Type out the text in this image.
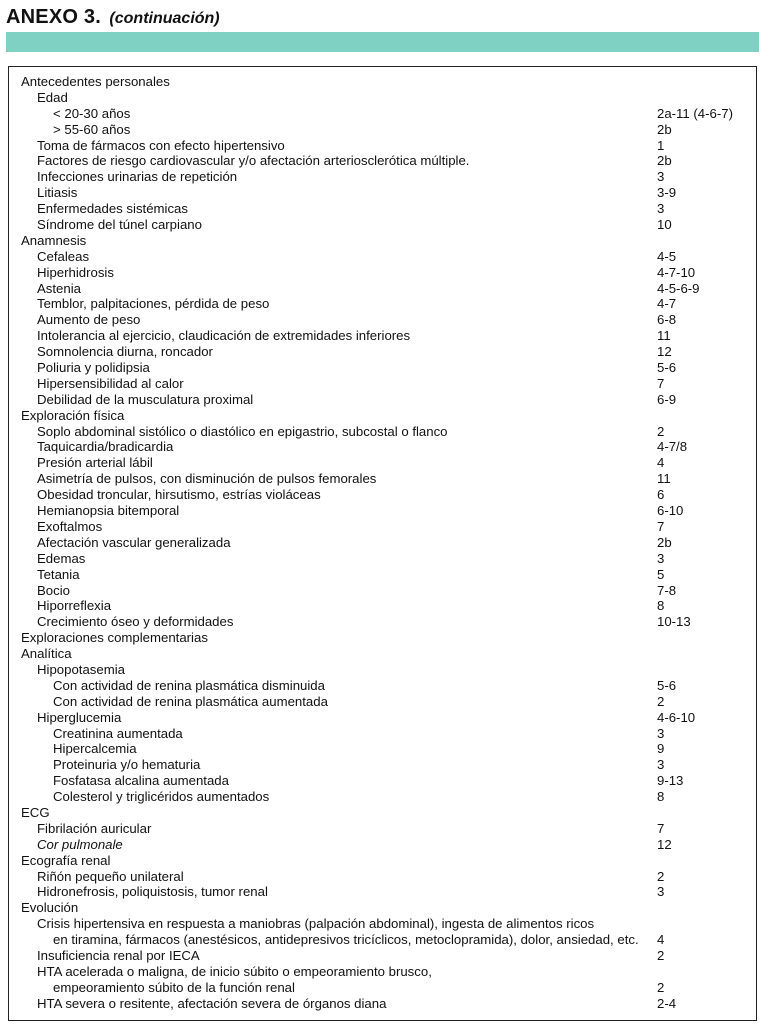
ANEXO 3. (continuación)
Antecedentes personales
Edad
< 20-30 años	2a-11 (4-6-7)
> 55-60 años	2b
Toma de fármacos con efecto hipertensivo	1
Factores de riesgo cardiovascular y/o afectación arteriosclerótica múltiple.	2b
Infecciones urinarias de repetición	3
Litiasis	3-9
Enfermedades sistémicas	3
Síndrome del túnel carpiano	10
Anamnesis
Cefaleas	4-5
Hiperhidrosis	4-7-10
Astenia	4-5-6-9
Temblor, palpitaciones, pérdida de peso	4-7
Aumento de peso	6-8
Intolerancia al ejercicio, claudicación de extremidades inferiores	11
Somnolencia diurna, roncador	12
Poliuria y polidipsia	5-6
Hipersensibilidad al calor	7
Debilidad de la musculatura proximal	6-9
Exploración física
Soplo abdominal sistólico o diastólico en epigastrio, subcostal o flanco	2
Taquicardia/bradicardia	4-7/8
Presión arterial lábil	4
Asimetría de pulsos, con disminución de pulsos femorales	11
Obesidad troncular, hirsutismo, estrías violáceas	6
Hemianopsia bitemporal	6-10
Exoftalmos	7
Afectación vascular generalizada	2b
Edemas	3
Tetania	5
Bocio	7-8
Hiporreflexia	8
Crecimiento óseo y deformidades	10-13
Exploraciones complementarias
Analítica
Hipopotasemia
Con actividad de renina plasmática disminuida	5-6
Con actividad de renina plasmática aumentada	2
Hiperglucemia	4-6-10
Creatinina aumentada	3
Hipercalcemia	9
Proteinuria y/o hematuria	3
Fosfatasa alcalina aumentada	9-13
Colesterol y triglicéridos aumentados	8
ECG
Fibrilación auricular	7
Cor pulmonale	12
Ecografía renal
Riñón pequeño unilateral	2
Hidronefrosis, poliquistosis, tumor renal	3
Evolución
Crisis hipertensiva en respuesta a maniobras (palpación abdominal), ingesta de alimentos ricos
en tiramina, fármacos (anestésicos, antidepresivos tricíclicos, metoclopramida), dolor, ansiedad, etc. 4
Insuficiencia renal por IECA	2
HTA acelerada o maligna, de inicio súbito o empeoramiento brusco,
empeoramiento súbito de la función renal	2
HTA severa o resitente, afectación severa de órganos diana	2-4
